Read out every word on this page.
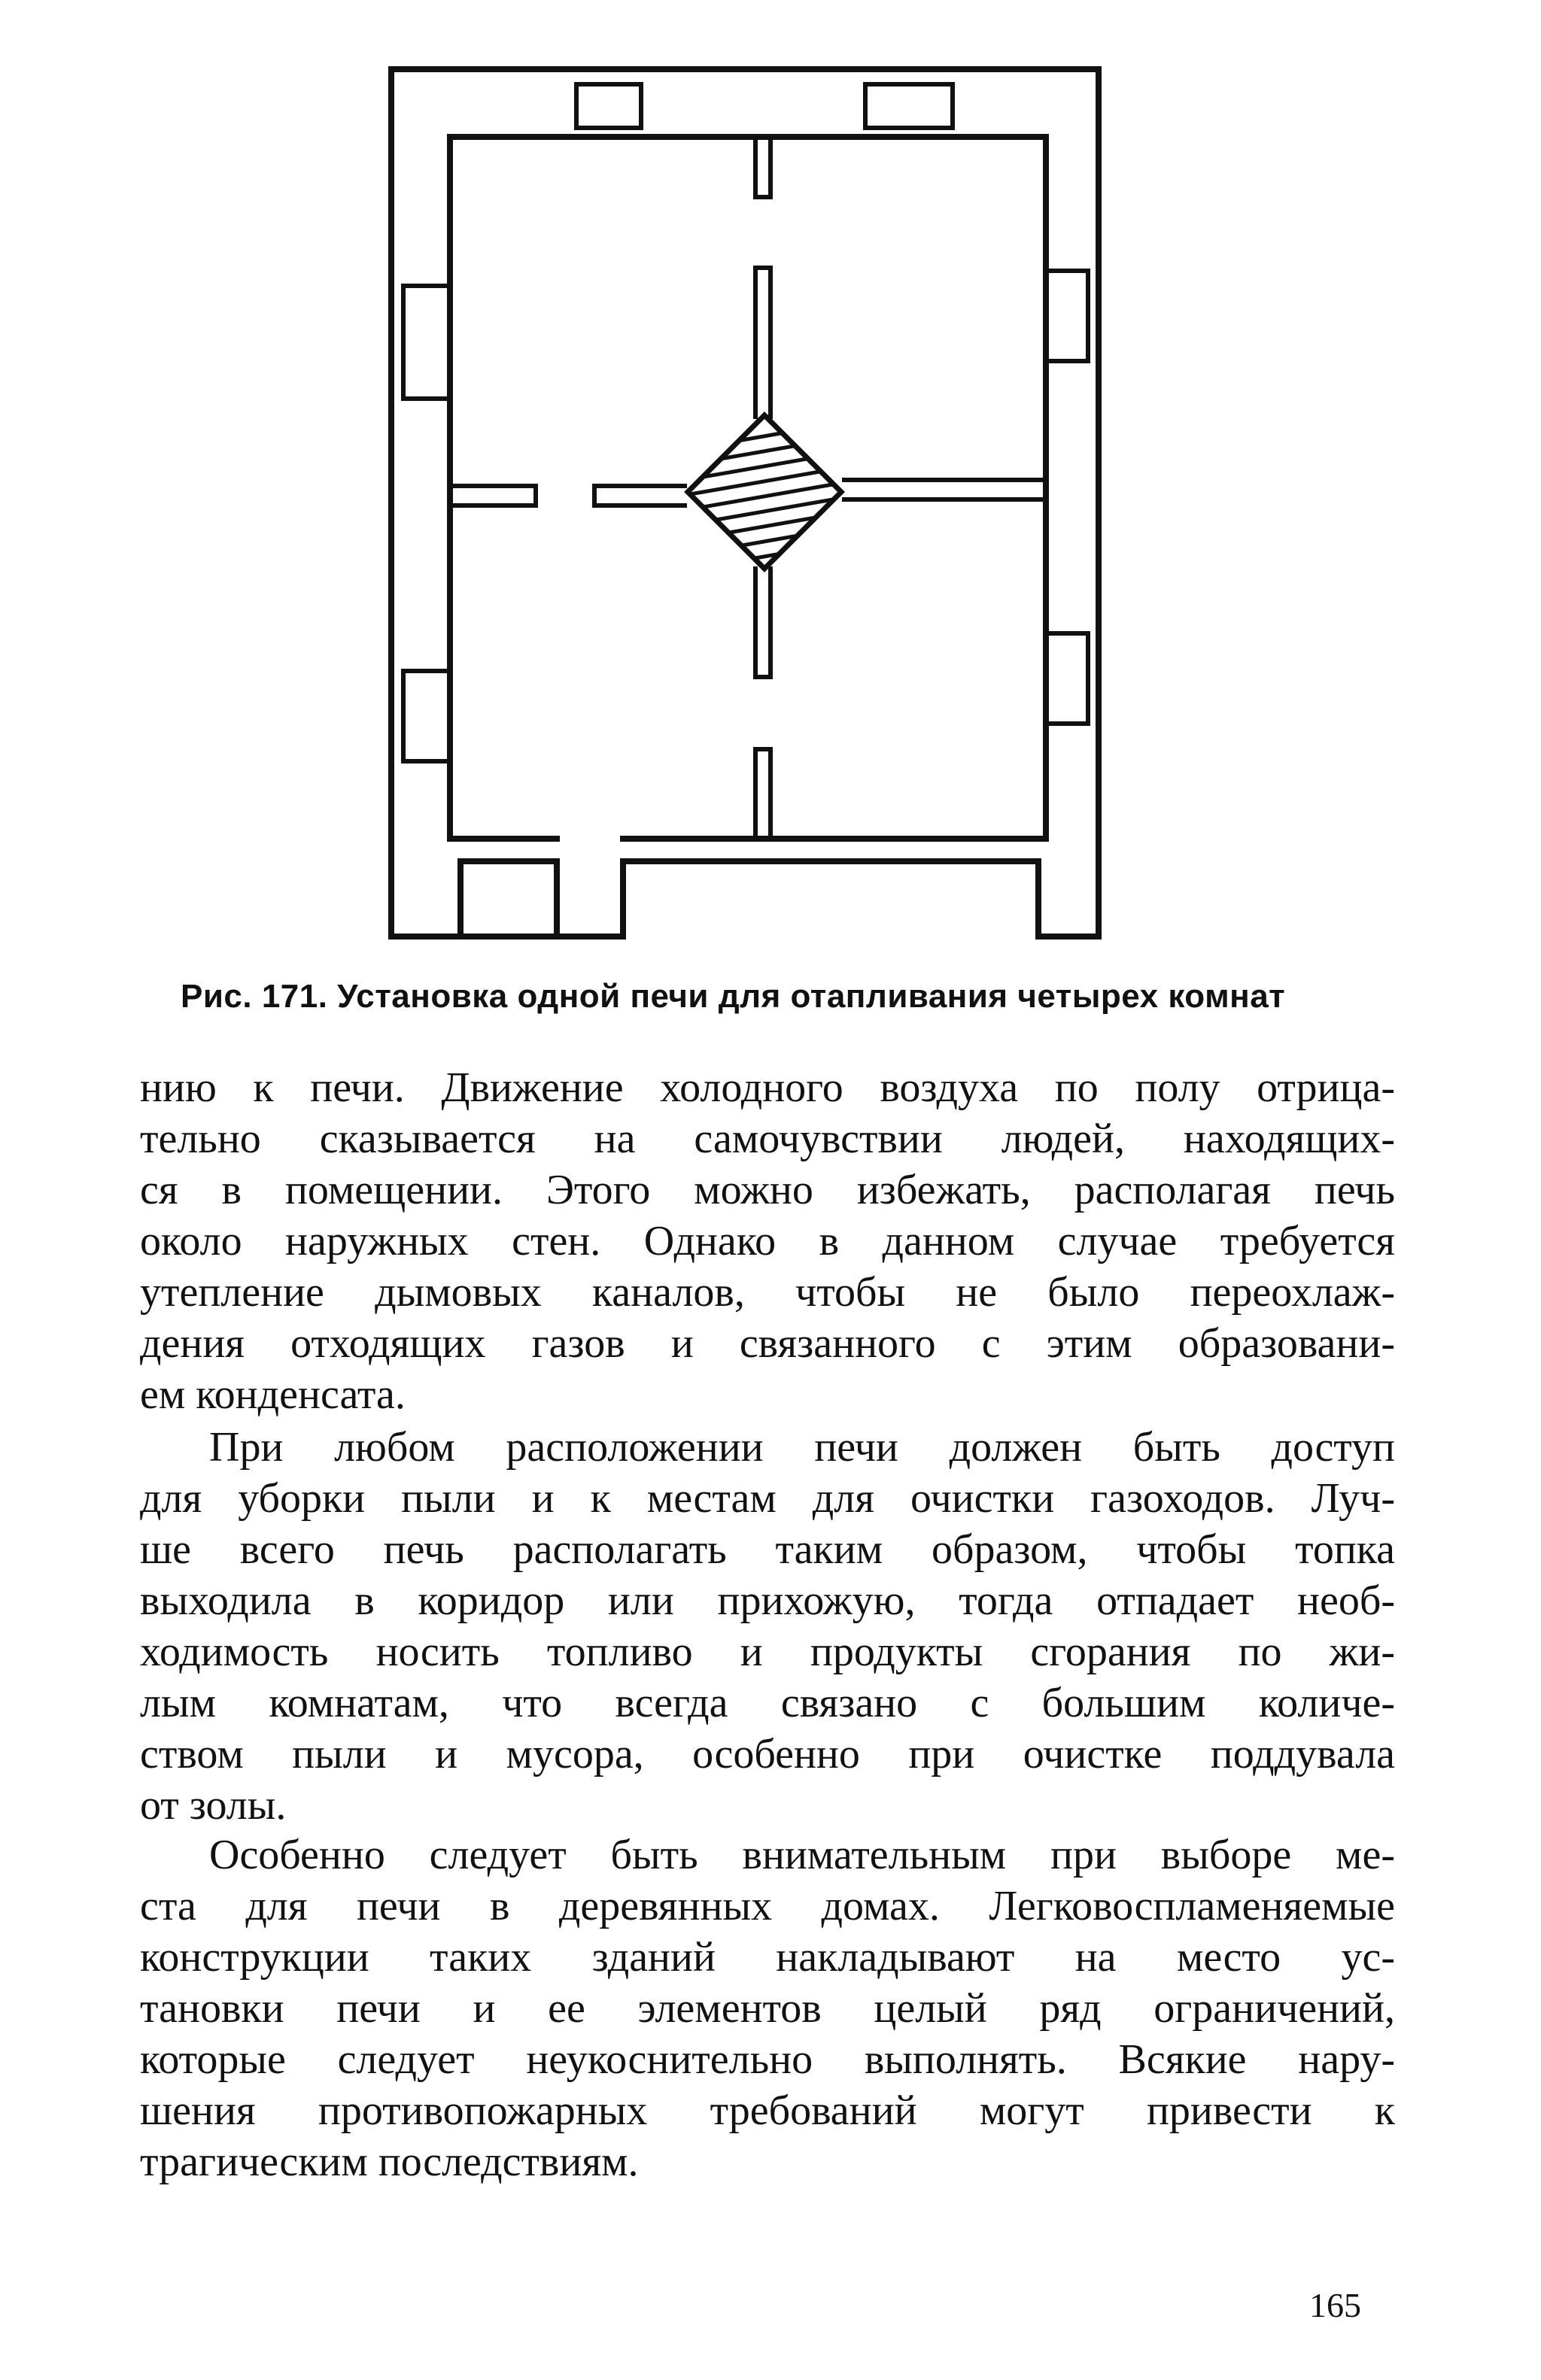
Рис. 171. Установка одной печи для отапливания четырех комнат
нию к печи. Движение холодного воздуха по полу отрица-
тельно сказывается на самочувствии людей, находящих-
ся в помещении. Этого можно избежать, располагая печь
около наружных стен. Однако в данном случае требуется
утепление дымовых каналов, чтобы не было переохлаж-
дения отходящих газов и связанного с этим образовани-
ем конденсата.
При любом расположении печи должен быть доступ
для уборки пыли и к местам для очистки газоходов. Луч-
ше всего печь располагать таким образом, чтобы топка
выходила в коридор или прихожую, тогда отпадает необ-
ходимость носить топливо и продукты сгорания по жи-
лым комнатам, что всегда связано с большим количе-
ством пыли и мусора, особенно при очистке поддувала
от золы.
Особенно следует быть внимательным при выборе ме-
ста для печи в деревянных домах. Легковоспламеняемые
конструкции таких зданий накладывают на место ус-
тановки печи и ее элементов целый ряд ограничений,
которые следует неукоснительно выполнять. Всякие нару-
шения противопожарных требований могут привести к
трагическим последствиям.
165
